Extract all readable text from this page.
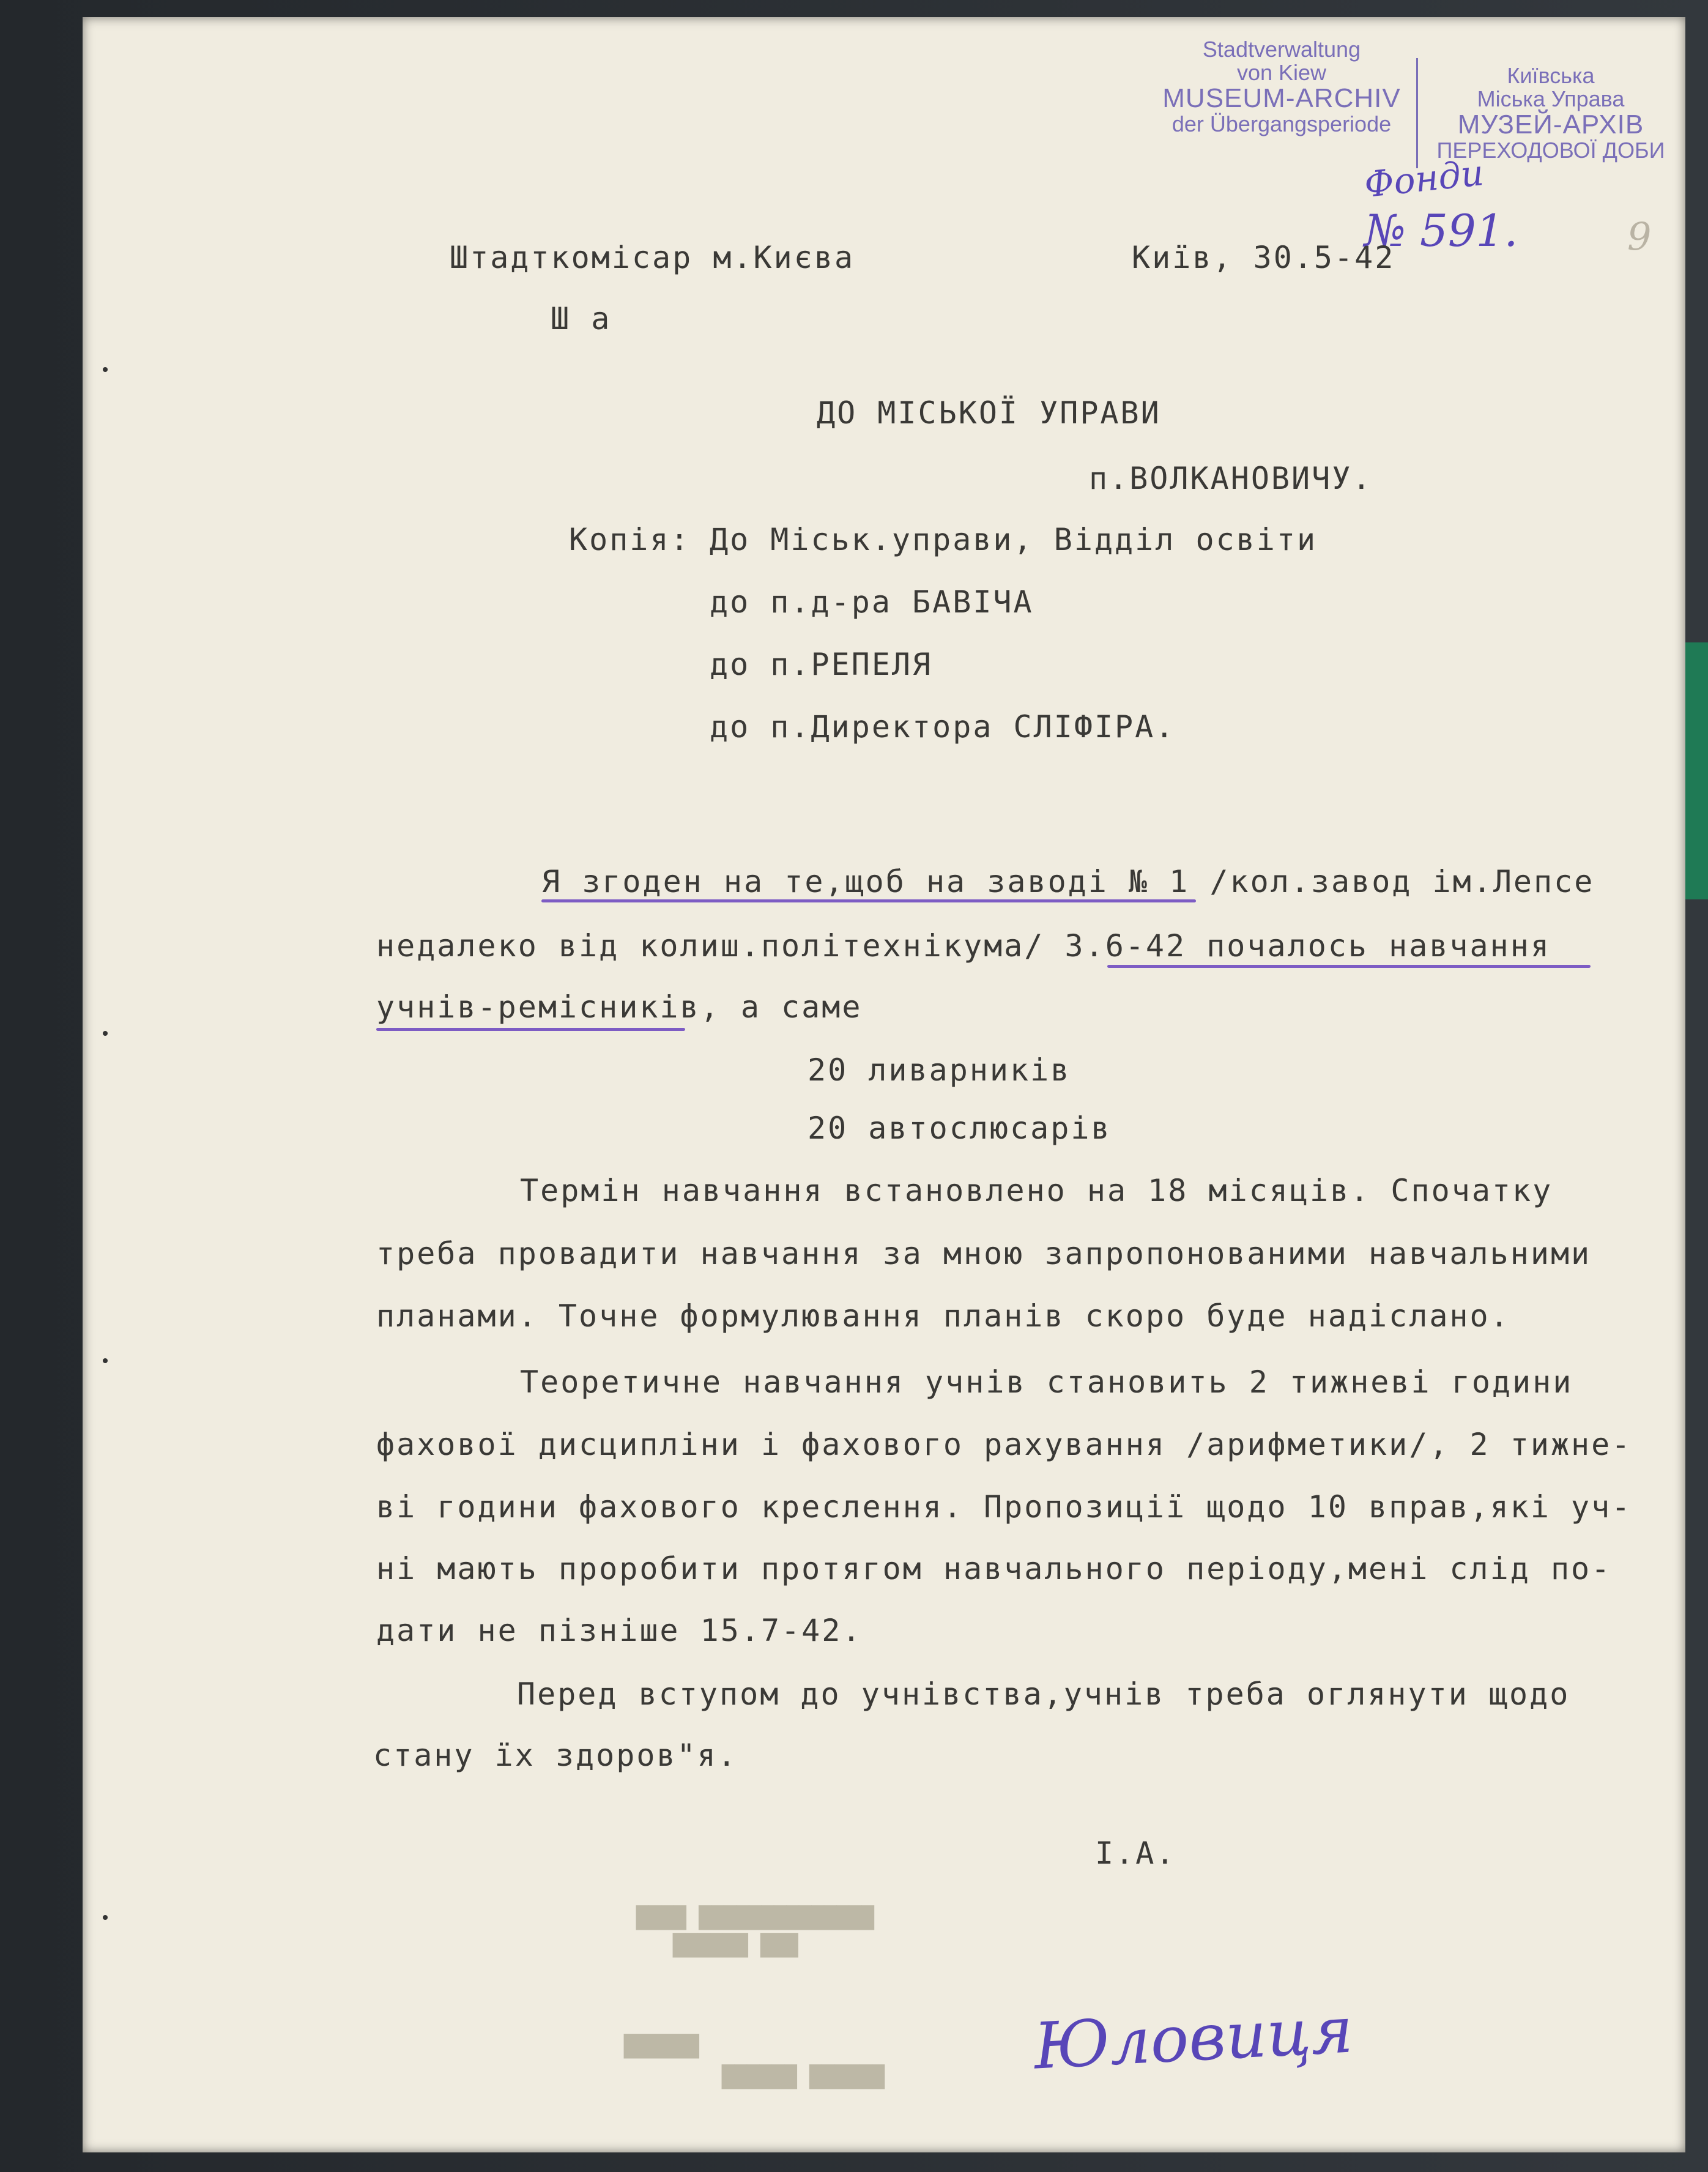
Stadtverwaltung
von Kiew
MUSEUM-ARCHIV
der Übergangsperiode
Київська
Міська Управа
МУЗЕЙ-АРХІВ
ПЕРЕХОДОВОЇ ДОБИ
Фонди
№ 591.	9
Штадткомісар м.Києва
Ш а
Київ, 30.5-42
ДО МІСЬКОЇ УПРАВИ
п.ВОЛКАНОВИЧУ.
Копія: До Міськ.управи, Відділ освіти
до п.д-ра БАВІЧА
до п.РЕПЕЛЯ
до п.Директора СЛІФІРА.
Я згоден на те,щоб на заводі № 1 /кол.завод ім.Лепсе
недалеко від колиш.політехнікума/ 3.6-42 почалось навчання
учнів-ремісників, а саме
20 ливарників
20 автослюсарів
Термін навчання встановлено на 18 місяців. Спочатку
треба провадити навчання за мною запропонованими навчальними
планами. Точне формулювання планів скоро буде надіслано.
Теоретичне навчання учнів становить 2 тижневі години
фахової дисципліни і фахового рахування /арифметики/, 2 тижне-
ві години фахового креслення. Пропозиції щодо 10 вправ,які уч-
ні мають проробити протягом навчального періоду,мені слід по-
дати не пізніше 15.7-42.
Перед вступом до учнівства,учнів треба оглянути щодо
стану їх здоров"я.
I.A.
████ ██████████████
██████ ███
██████
██████ ██████ Юловиця
